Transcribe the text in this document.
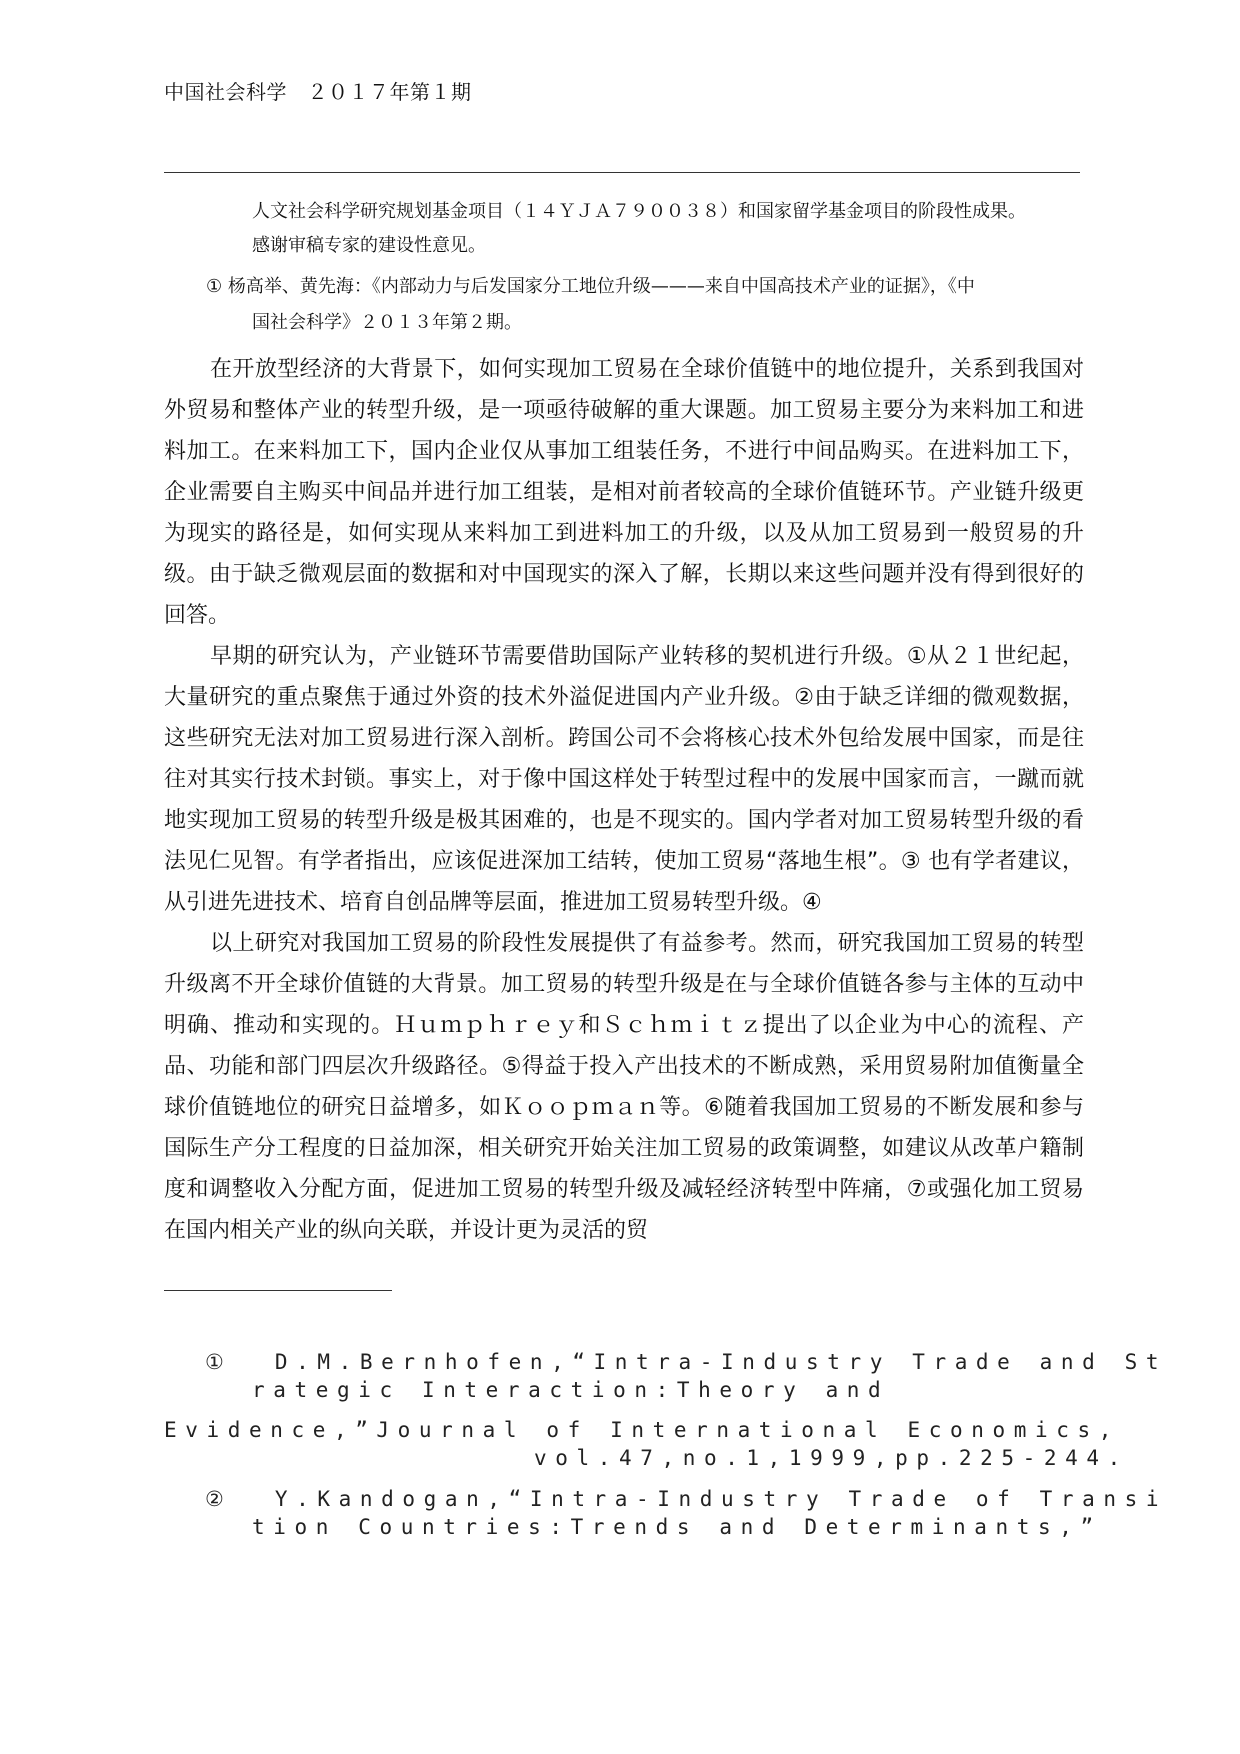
中国社会科学　２０１７年第１期
人文社会科学研究规划基金项目（１４ＹＪＡ７９００３８）和国家留学基金项目的阶段性成果。
感谢审稿专家的建设性意见。
① 杨高举、黄先海：《内部动力与后发国家分工地位升级———来自中国高技术产业的证据》，《中
国社会科学》２０１３年第２期。

在开放型经济的大背景下，如何实现加工贸易在全球价值链中的地位提升，关系到我国对外贸易和整体产业的转型升级，是一项亟待破解的重大课题。加工贸易主要分为来料加工和进料加工。在来料加工下，国内企业仅从事加工组装任务，不进行中间品购买。在进料加工下，企业需要自主购买中间品并进行加工组装，是相对前者较高的全球价值链环节。产业链升级更为现实的路径是，如何实现从来料加工到进料加工的升级，以及从加工贸易到一般贸易的升级。由于缺乏微观层面的数据和对中国现实的深入了解，长期以来这些问题并没有得到很好的回答。

早期的研究认为，产业链环节需要借助国际产业转移的契机进行升级。①从２１世纪起，大量研究的重点聚焦于通过外资的技术外溢促进国内产业升级。②由于缺乏详细的微观数据，这些研究无法对加工贸易进行深入剖析。跨国公司不会将核心技术外包给发展中国家，而是往往对其实行技术封锁。事实上，对于像中国这样处于转型过程中的发展中国家而言，一蹴而就地实现加工贸易的转型升级是极其困难的，也是不现实的。国内学者对加工贸易转型升级的看法见仁见智。有学者指出，应该促进深加工结转，使加工贸易“落地生根”。③ 也有学者建议，从引进先进技术、培育自创品牌等层面，推进加工贸易转型升级。④

以上研究对我国加工贸易的阶段性发展提供了有益参考。然而，研究我国加工贸易的转型升级离不开全球价值链的大背景。加工贸易的转型升级是在与全球价值链各参与主体的互动中明确、推动和实现的。Ｈｕｍｐｈｒｅｙ和Ｓｃｈｍｉｔｚ提出了以企业为中心的流程、产品、功能和部门四层次升级路径。⑤得益于投入产出技术的不断成熟，采用贸易附加值衡量全球价值链地位的研究日益增多，如Ｋｏｏｐｍａｎ等。⑥随着我国加工贸易的不断发展和参与国际生产分工程度的日益加深，相关研究开始关注加工贸易的政策调整，如建议从改革户籍制度和调整收入分配方面，促进加工贸易的转型升级及减轻经济转型中阵痛，⑦或强化加工贸易在国内相关产业的纵向关联，并设计更为灵活的贸

①  D.M.Bernhofen,“Intra-Industry Trade and St
rategic Interaction:Theory and
Evidence,”Journal of International Economics,
vol.47,no.1,1999,pp.225-244.
②  Y.Kandogan,“Intra-Industry Trade of Transi
tion Countries:Trends and Determinants,”
